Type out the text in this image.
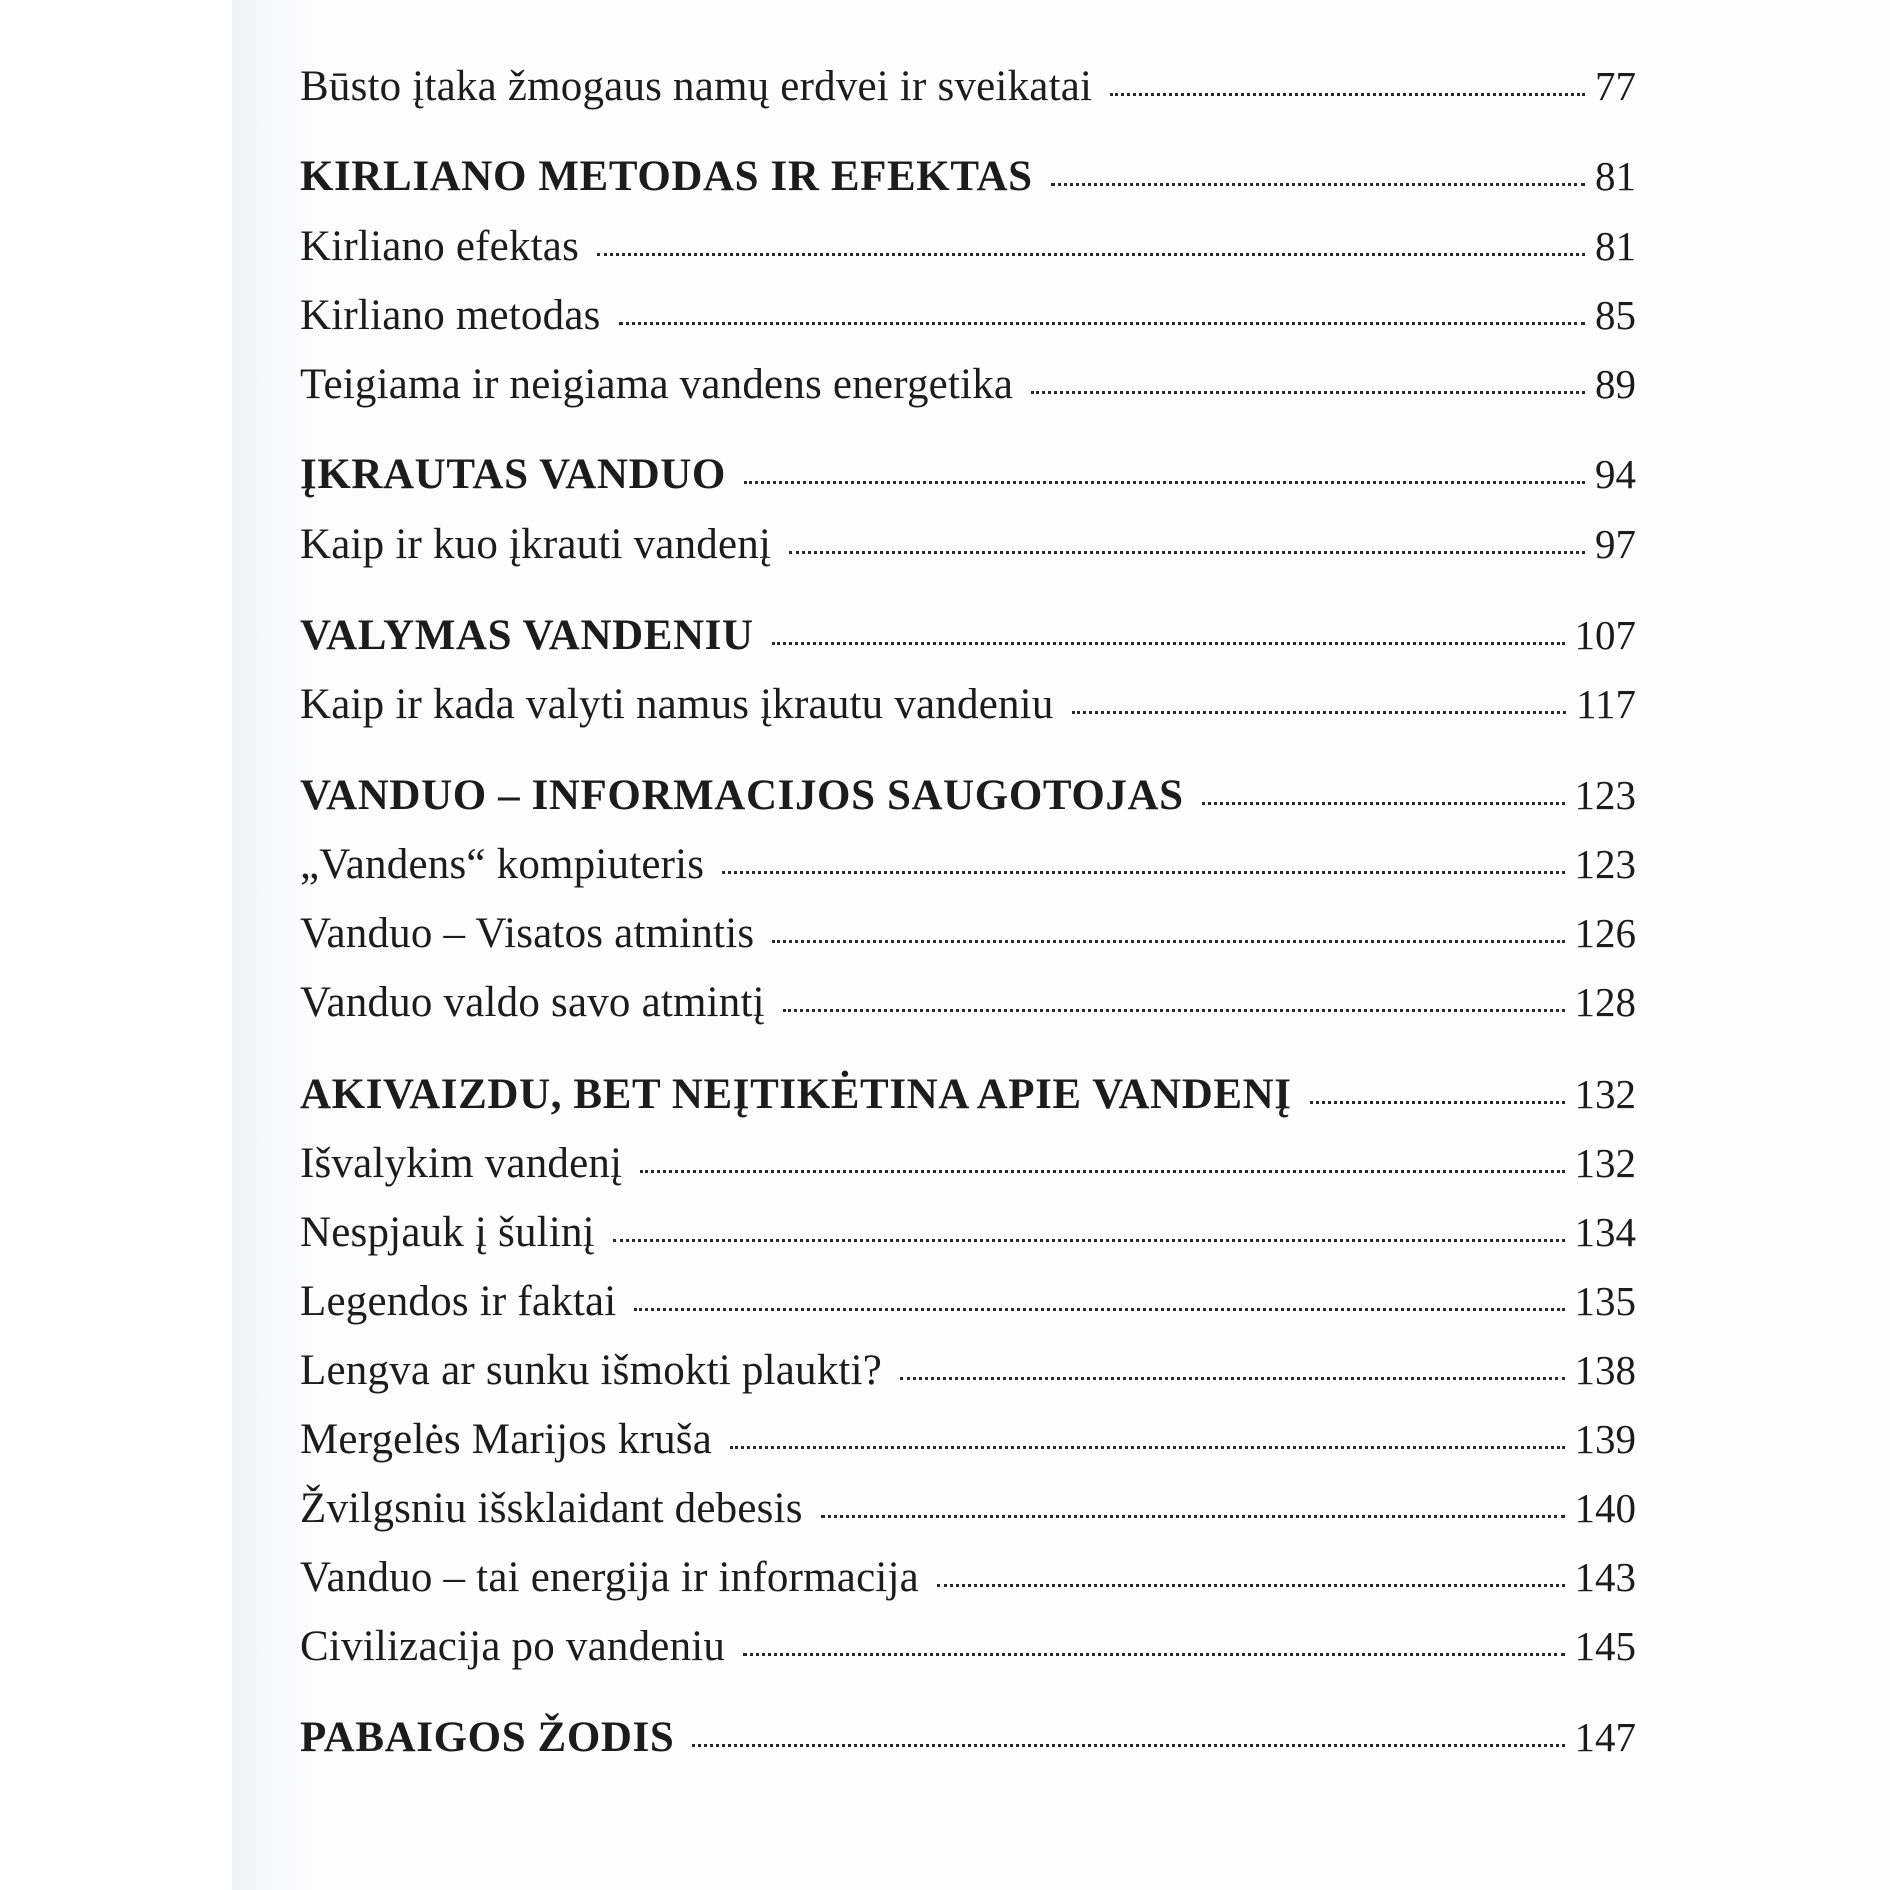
Būsto įtaka žmogaus namų erdvei ir sveikatai	77
KIRLIANO METODAS IR EFEKTAS	81
Kirliano efektas	81
Kirliano metodas	85
Teigiama ir neigiama vandens energetika	89
ĮKRAUTAS VANDUO	94
Kaip ir kuo įkrauti vandenį	97
VALYMAS VANDENIU	107
Kaip ir kada valyti namus įkrautu vandeniu	117
VANDUO – INFORMACIJOS SAUGOTOJAS	123
„Vandens“ kompiuteris	123
Vanduo – Visatos atmintis	126
Vanduo valdo savo atmintį	128
AKIVAIZDU, BET NEĮTIKĖTINA APIE VANDENĮ	132
Išvalykim vandenį	132
Nespjauk į šulinį	134
Legendos ir faktai	135
Lengva ar sunku išmokti plaukti?	138
Mergelės Marijos kruša	139
Žvilgsniu išsklaidant debesis	140
Vanduo – tai energija ir informacija	143
Civilizacija po vandeniu	145
PABAIGOS ŽODIS	147
